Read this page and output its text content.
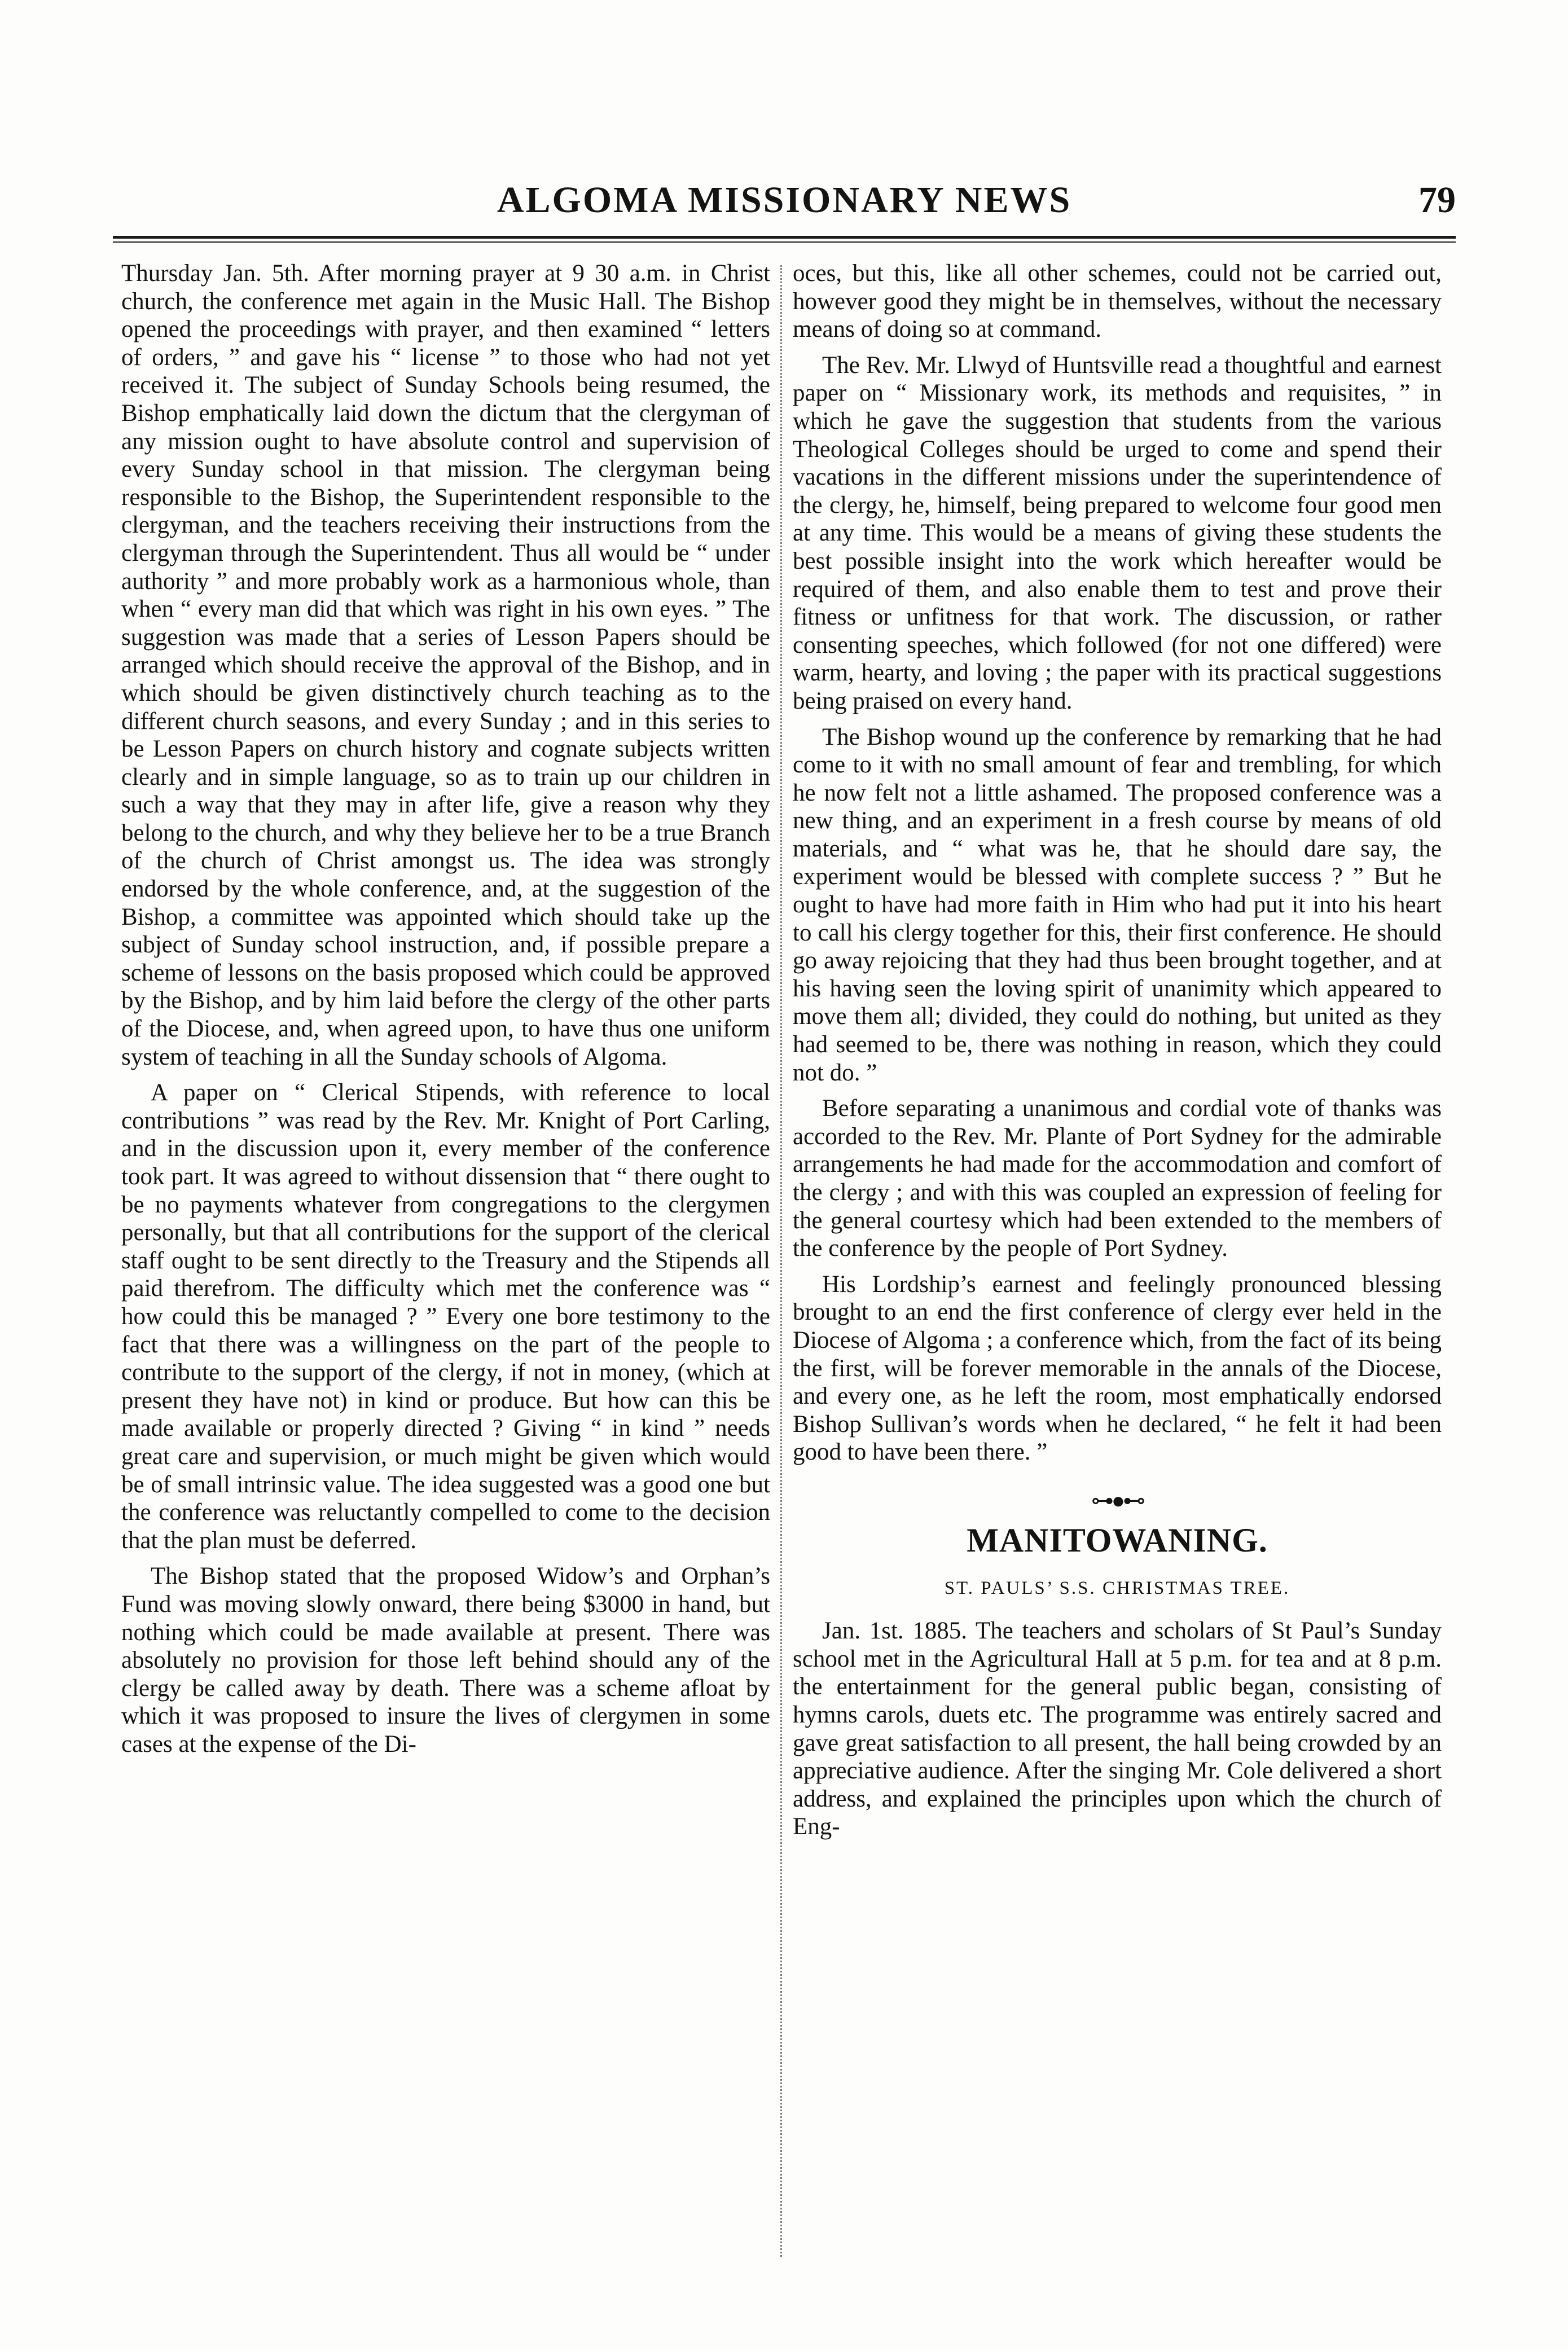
ALGOMA MISSIONARY NEWS	79

Thursday Jan. 5th. After morning prayer at 9 30 a.m. in Christ church, the conference met again in the Music Hall. The Bishop opened the proceedings with prayer, and then examined “ letters of orders, ” and gave his “ license ” to those who had not yet received it. The subject of Sunday Schools being resumed, the Bishop emphatically laid down the dictum that the clergyman of any mission ought to have absolute control and supervision of every Sunday school in that mission. The clergyman being responsible to the Bishop, the Superintendent responsible to the clergyman, and the teachers receiving their instructions from the clergyman through the Superintendent. Thus all would be “ under authority ” and more probably work as a harmonious whole, than when “ every man did that which was right in his own eyes. ” The suggestion was made that a series of Lesson Papers should be arranged which should receive the approval of the Bishop, and in which should be given distinctively church teaching as to the different church seasons, and every Sunday ; and in this series to be Lesson Papers on church history and cognate subjects written clearly and in simple language, so as to train up our children in such a way that they may in after life, give a reason why they belong to the church, and why they believe her to be a true Branch of the church of Christ amongst us. The idea was strongly endorsed by the whole conference, and, at the suggestion of the Bishop, a committee was appointed which should take up the subject of Sunday school instruction, and, if possible prepare a scheme of lessons on the basis proposed which could be approved by the Bishop, and by him laid before the clergy of the other parts of the Diocese, and, when agreed upon, to have thus one uniform system of teaching in all the Sunday schools of Algoma.

A paper on “ Clerical Stipends, with reference to local contributions ” was read by the Rev. Mr. Knight of Port Carling, and in the discussion upon it, every member of the conference took part. It was agreed to without dissension that “ there ought to be no payments whatever from congregations to the clergymen personally, but that all contributions for the support of the clerical staff ought to be sent directly to the Treasury and the Stipends all paid therefrom. The difficulty which met the conference was “ how could this be managed ? ” Every one bore testimony to the fact that there was a willingness on the part of the people to contribute to the support of the clergy, if not in money, (which at present they have not) in kind or produce. But how can this be made available or properly directed ? Giving “ in kind ” needs great care and supervision, or much might be given which would be of small intrinsic value. The idea suggested was a good one but the conference was reluctantly compelled to come to the decision that the plan must be deferred.

The Bishop stated that the proposed Widow’s and Orphan’s Fund was moving slowly onward, there being $3000 in hand, but nothing which could be made available at present. There was absolutely no provision for those left behind should any of the clergy be called away by death. There was a scheme afloat by which it was proposed to insure the lives of clergymen in some cases at the expense of the Di-

oces, but this, like all other schemes, could not be carried out, however good they might be in themselves, without the necessary means of doing so at command.

The Rev. Mr. Llwyd of Huntsville read a thoughtful and earnest paper on “ Missionary work, its methods and requisites, ” in which he gave the suggestion that students from the various Theological Colleges should be urged to come and spend their vacations in the different missions under the superintendence of the clergy, he, himself, being prepared to welcome four good men at any time. This would be a means of giving these students the best possible insight into the work which hereafter would be required of them, and also enable them to test and prove their fitness or unfitness for that work. The discussion, or rather consenting speeches, which followed (for not one differed) were warm, hearty, and loving ; the paper with its practical suggestions being praised on every hand.

The Bishop wound up the conference by remarking that he had come to it with no small amount of fear and trembling, for which he now felt not a little ashamed. The proposed conference was a new thing, and an experiment in a fresh course by means of old materials, and “ what was he, that he should dare say, the experiment would be blessed with complete success ? ” But he ought to have had more faith in Him who had put it into his heart to call his clergy together for this, their first conference. He should go away rejoicing that they had thus been brought together, and at his having seen the loving spirit of unanimity which appeared to move them all; divided, they could do nothing, but united as they had seemed to be, there was nothing in reason, which they could not do. ”

Before separating a unanimous and cordial vote of thanks was accorded to the Rev. Mr. Plante of Port Sydney for the admirable arrangements he had made for the accommodation and comfort of the clergy ; and with this was coupled an expression of feeling for the general courtesy which had been extended to the members of the conference by the people of Port Sydney.

His Lordship’s earnest and feelingly pronounced blessing brought to an end the first conference of clergy ever held in the Diocese of Algoma ; a conference which, from the fact of its being the first, will be forever memorable in the annals of the Diocese, and every one, as he left the room, most emphatically endorsed Bishop Sullivan’s words when he declared, “ he felt it had been good to have been there. ”

⊶●⊷
MANITOWANING.
ST. PAULS’ S.S. CHRISTMAS TREE.

Jan. 1st. 1885. The teachers and scholars of St Paul’s Sunday school met in the Agricultural Hall at 5 p.m. for tea and at 8 p.m. the entertainment for the general public began, consisting of hymns carols, duets etc. The programme was entirely sacred and gave great satisfaction to all present, the hall being crowded by an appreciative audience. After the singing Mr. Cole delivered a short address, and explained the principles upon which the church of Eng-
